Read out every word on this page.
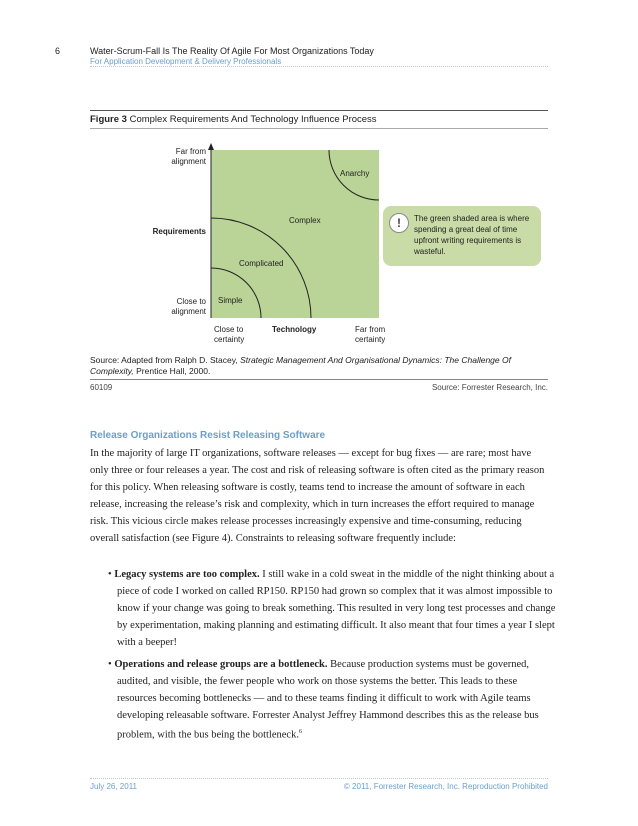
6	Water-Scrum-Fall Is The Reality Of Agile For Most Organizations Today
For Application Development & Delivery Professionals
Figure 3 Complex Requirements And Technology Influence Process
Far from
alignment
Requirements
Close to
alignment
Close to
certainty
Technology	Far from
certainty
Simple
Complicated
Complex
Anarchy
!	The green shaded area is where spending a great deal of time upfront writing requirements is wasteful.
Source: Adapted from Ralph D. Stacey, Strategic Management And Organisational Dynamics: The Challenge Of Complexity, Prentice Hall, 2000.
60109	Source: Forrester Research, Inc.
Release Organizations Resist Releasing Software
In the majority of large IT organizations, software releases — except for bug fixes — are rare; most have only three or four releases a year. The cost and risk of releasing software is often cited as the primary reason for this policy. When releasing software is costly, teams tend to increase the amount of software in each release, increasing the release’s risk and complexity, which in turn increases the effort required to manage risk. This vicious circle makes release processes increasingly expensive and time-consuming, reducing overall satisfaction (see Figure 4). Constraints to releasing software frequently include:
• Legacy systems are too complex. I still wake in a cold sweat in the middle of the night thinking about a piece of code I worked on called RP150. RP150 had grown so complex that it was almost impossible to know if your change was going to break something. This resulted in very long test processes and change by experimentation, making planning and estimating difficult. It also meant that four times a year I slept with a beeper!
• Operations and release groups are a bottleneck. Because production systems must be governed, audited, and visible, the fewer people who work on those systems the better. This leads to these resources becoming bottlenecks — and to these teams finding it difficult to work with Agile teams developing releasable software. Forrester Analyst Jeffrey Hammond describes this as the release bus problem, with the bus being the bottleneck.$^6$
July 26, 2011	© 2011, Forrester Research, Inc. Reproduction Prohibited
